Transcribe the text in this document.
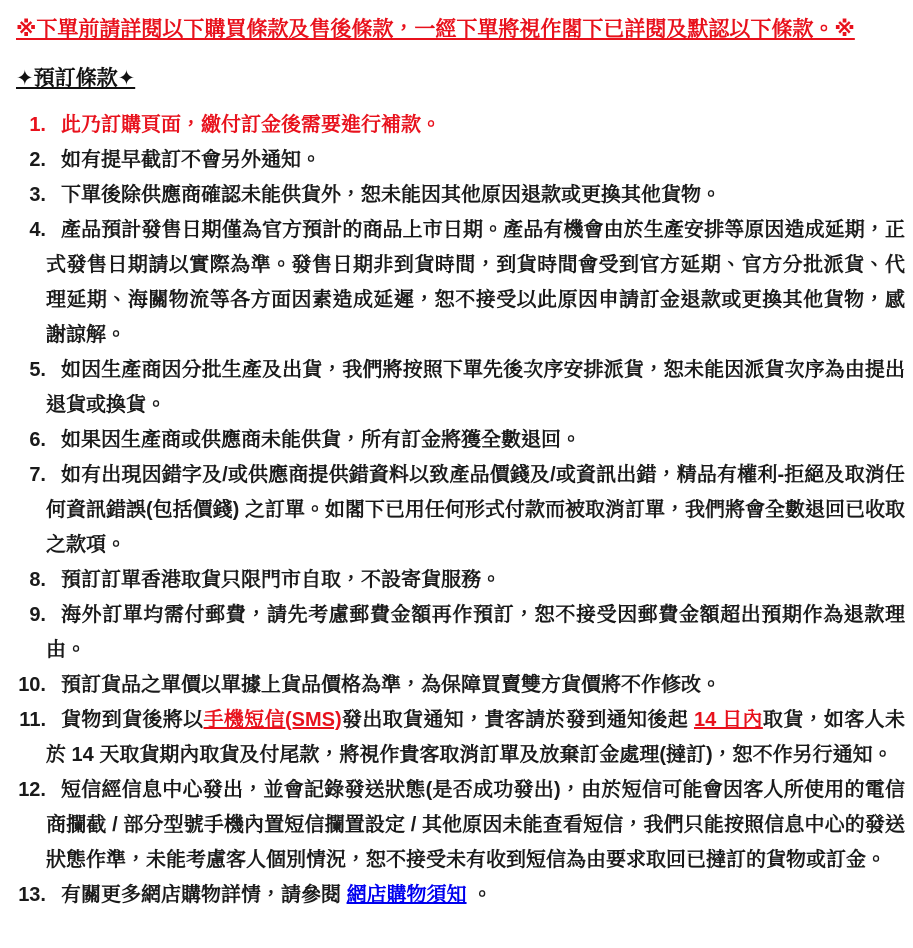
※下單前請詳閱以下購買條款及售後條款，一經下單將視作閣下已詳閱及默認以下條款。※

✦預訂條款✦
1. 此乃訂購頁面，繳付訂金後需要進行補款。
2. 如有提早截訂不會另外通知。
3. 下單後除供應商確認未能供貨外，恕未能因其他原因退款或更換其他貨物。
4. 產品預計發售日期僅為官方預計的商品上市日期。產品有機會由於生產安排等原因造成延期，正式發售日期請以實際為準。發售日期非到貨時間，到貨時間會受到官方延期、官方分批派貨、代理延期、海關物流等各方面因素造成延遲，恕不接受以此原因申請訂金退款或更換其他貨物，感謝諒解。
5. 如因生產商因分批生產及出貨，我們將按照下單先後次序安排派貨，恕未能因派貨次序為由提出退貨或換貨。
6. 如果因生產商或供應商未能供貨，所有訂金將獲全數退回。
7. 如有出現因錯字及/或供應商提供錯資料以致產品價錢及/或資訊出錯，精品有權利-拒絕及取消任何資訊錯誤(包括價錢) 之訂單。如閣下已用任何形式付款而被取消訂單，我們將會全數退回已收取之款項。
8. 預訂訂單香港取貨只限門市自取，不設寄貨服務。
9. 海外訂單均需付郵費，請先考慮郵費金額再作預訂，恕不接受因郵費金額超出預期作為退款理由。
10. 預訂貨品之單價以單據上貨品價格為準，為保障買賣雙方貨價將不作修改。
11. 貨物到貨後將以手機短信(SMS)發出取貨通知，貴客請於發到通知後起 14 日內取貨，如客人未於 14 天取貨期內取貨及付尾款，將視作貴客取消訂單及放棄訂金處理(撻訂)，恕不作另行通知。
12. 短信經信息中心發出，並會記錄發送狀態(是否成功發出)，由於短信可能會因客人所使用的電信商攔截 / 部分型號手機內置短信攔置設定 / 其他原因未能查看短信，我們只能按照信息中心的發送狀態作準，未能考慮客人個別情況，恕不接受未有收到短信為由要求取回已撻訂的貨物或訂金。
13. 有關更多網店購物詳情，請參閱 網店購物須知 。
